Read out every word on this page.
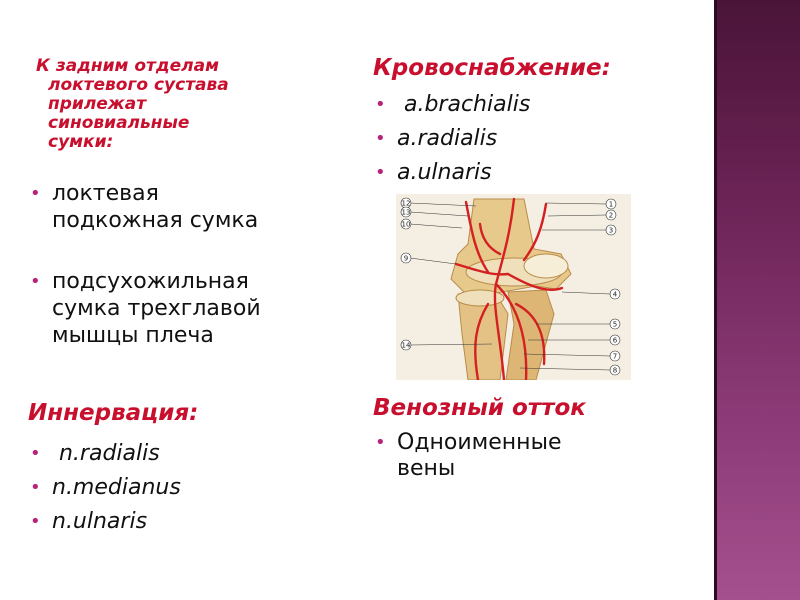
К задним отделам
локтевого сустава
прилежат
синовиальные
сумки:
• локтевая
подкожная сумка
• подсухожильная
сумка трехглавой
мышцы плеча
Иннервация:
• n.radialis
• n.medianus
• n.ulnaris
Кровоснабжение:
• a.brachialis
• a.radialis
• a.ulnaris
12
13
10
9
14
1
2
3
4
5
6
7
8
Венозный отток
• Одноименные
вены
